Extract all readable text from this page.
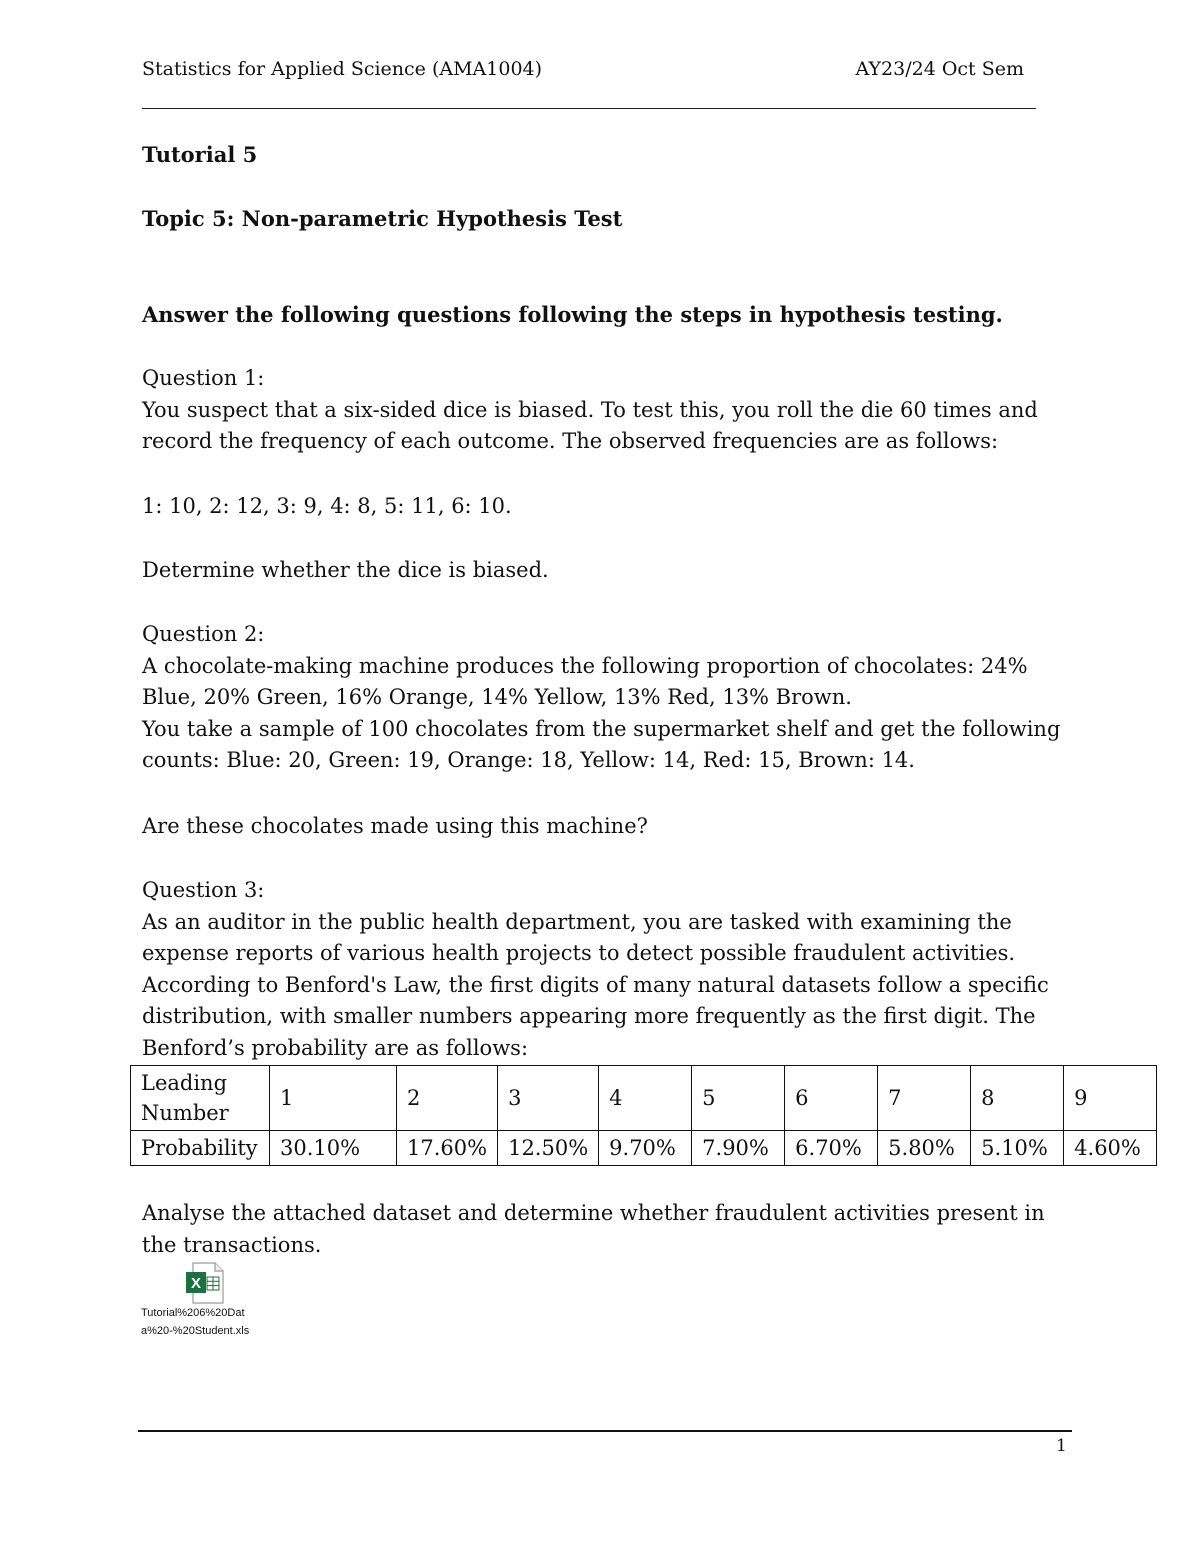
Statistics for Applied Science (AMA1004)	AY23/24 Oct Sem
Tutorial 5
Topic 5: Non-parametric Hypothesis Test
Answer the following questions following the steps in hypothesis testing.
Question 1:
You suspect that a six-sided dice is biased. To test this, you roll the die 60 times and
record the frequency of each outcome. The observed frequencies are as follows:
1: 10, 2: 12, 3: 9, 4: 8, 5: 11, 6: 10.
Determine whether the dice is biased.
Question 2:
A chocolate-making machine produces the following proportion of chocolates: 24%
Blue, 20% Green, 16% Orange, 14% Yellow, 13% Red, 13% Brown.
You take a sample of 100 chocolates from the supermarket shelf and get the following
counts: Blue: 20, Green: 19, Orange: 18, Yellow: 14, Red: 15, Brown: 14.
Are these chocolates made using this machine?
Question 3:
As an auditor in the public health department, you are tasked with examining the
expense reports of various health projects to detect possible fraudulent activities.
According to Benford's Law, the first digits of many natural datasets follow a specific
distribution, with smaller numbers appearing more frequently as the first digit. The
Benford’s probability are as follows:
Leading
Number	1	2	3	4	5	6	7	8	9
Probability	30.10%	17.60%	12.50%	9.70%	7.90%	6.70%	5.80%	5.10%	4.60%
Analyse the attached dataset and determine whether fraudulent activities present in
the transactions.
X
Tutorial%206%20Dat
a%20-%20Student.xls
1
